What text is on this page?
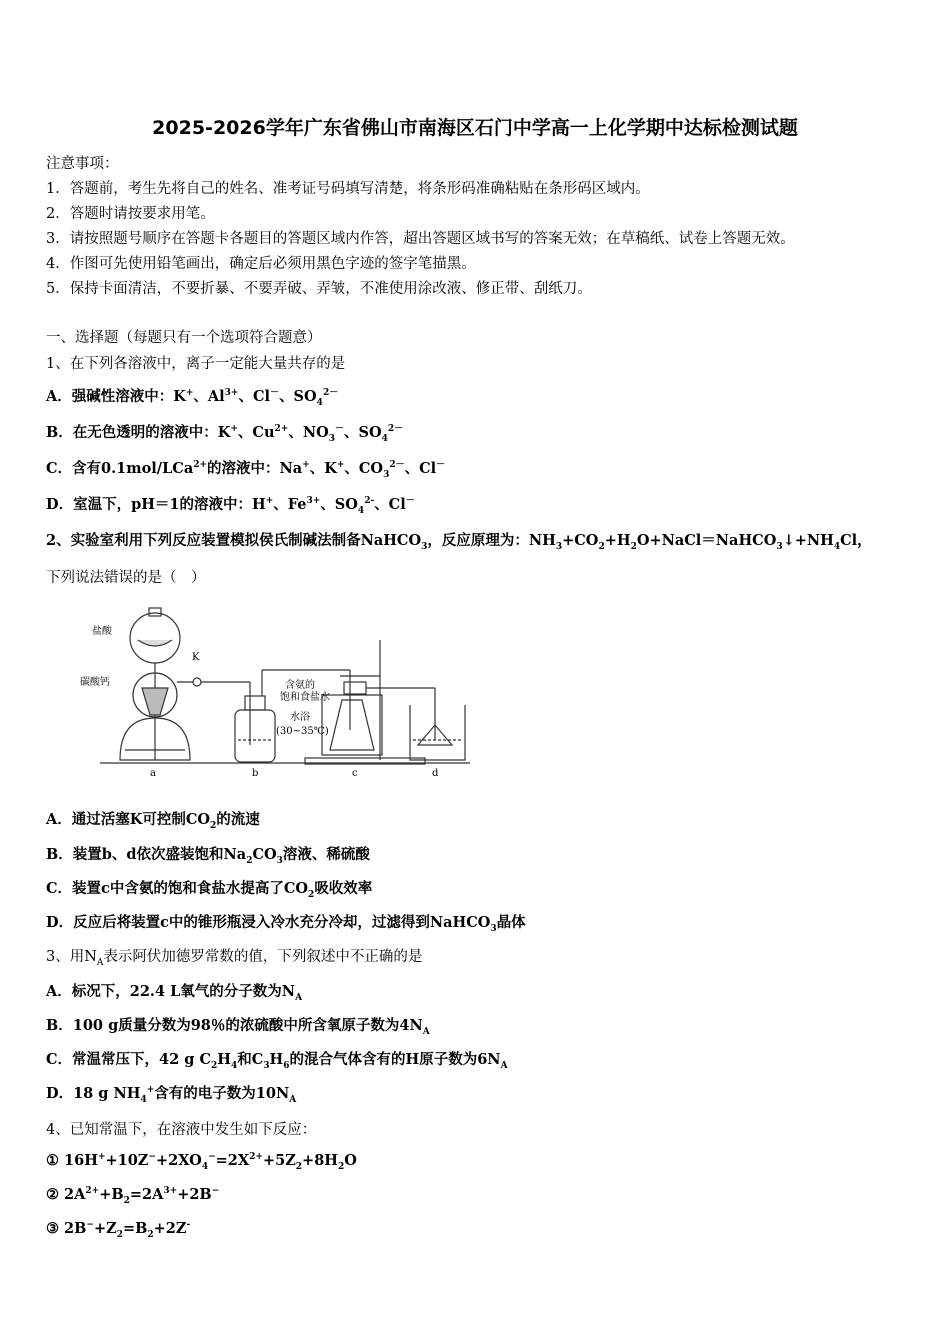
2025-2026学年广东省佛山市南海区石门中学高一上化学期中达标检测试题
注意事项：
1．答题前，考生先将自己的姓名、准考证号码填写清楚，将条形码准确粘贴在条形码区域内。
2．答题时请按要求用笔。
3．请按照题号顺序在答题卡各题目的答题区域内作答，超出答题区域书写的答案无效；在草稿纸、试卷上答题无效。
4．作图可先使用铅笔画出，确定后必须用黑色字迹的签字笔描黑。
5．保持卡面清洁，不要折暴、不要弄破、弄皱，不准使用涂改液、修正带、刮纸刀。
一、选择题（每题只有一个选项符合题意）
1、在下列各溶液中，离子一定能大量共存的是
A．强碱性溶液中：K+、$Al^{3+}$、Cl－、$SO_4^{2-}$
B．在无色透明的溶液中：K+、$Cu^{2+}$、$NO_3^-$、$SO_4^{2-}$
C．含有0.1mol/LCa$^{2+}$的溶液中：Na+、K+、$CO_3^{2-}$、Cl－
D．室温下，pH＝1的溶液中：H+、$Fe^{3+}$、$SO_4^{2-}$、Cl－
2、实验室利用下列反应装置模拟侯氏制碱法制备NaHCO$_3$，反应原理为：$NH_3+CO_2+H_2O+NaCl=NaHCO_3↓+NH_4Cl$，
下列说法错误的是（　）
盐酸
碳酸钙
K
含氨的
饱和食盐水
水浴
(30~35℃)
a	b	c	d
A．通过活塞K可控制$CO_2$的流速
B．装置b、d依次盛装饱和$Na_2CO_3$溶液、稀硫酸
C．装置c中含氨的饱和食盐水提高了$CO_2$吸收效率
D．反应后将装置c中的锥形瓶浸入冷水充分冷却，过滤得到NaHCO$_3$晶体
3、用$N_A$表示阿伏加德罗常数的值，下列叙述中不正确的是
A．标况下，22.4 L氧气的分子数为$N_A$
B．100 g质量分数为98％的浓硫酸中所含氧原子数为$4N_A$
C．常温常压下，42 g $C_2H_4$和$C_3H_6$的混合气体含有的H原子数为$6N_A$
D．18 g $NH_4^+$含有的电子数为$10N_A$
4、已知常温下，在溶液中发生如下反应：
① $16H^++10Z^-+2XO_4^-=2X^{2+}+5Z_2+8H_2O$
② $2A^{2+}+B_2=2A^{3+}+2B^-$
③ $2B^-+Z_2=B_2+2Z^-$
